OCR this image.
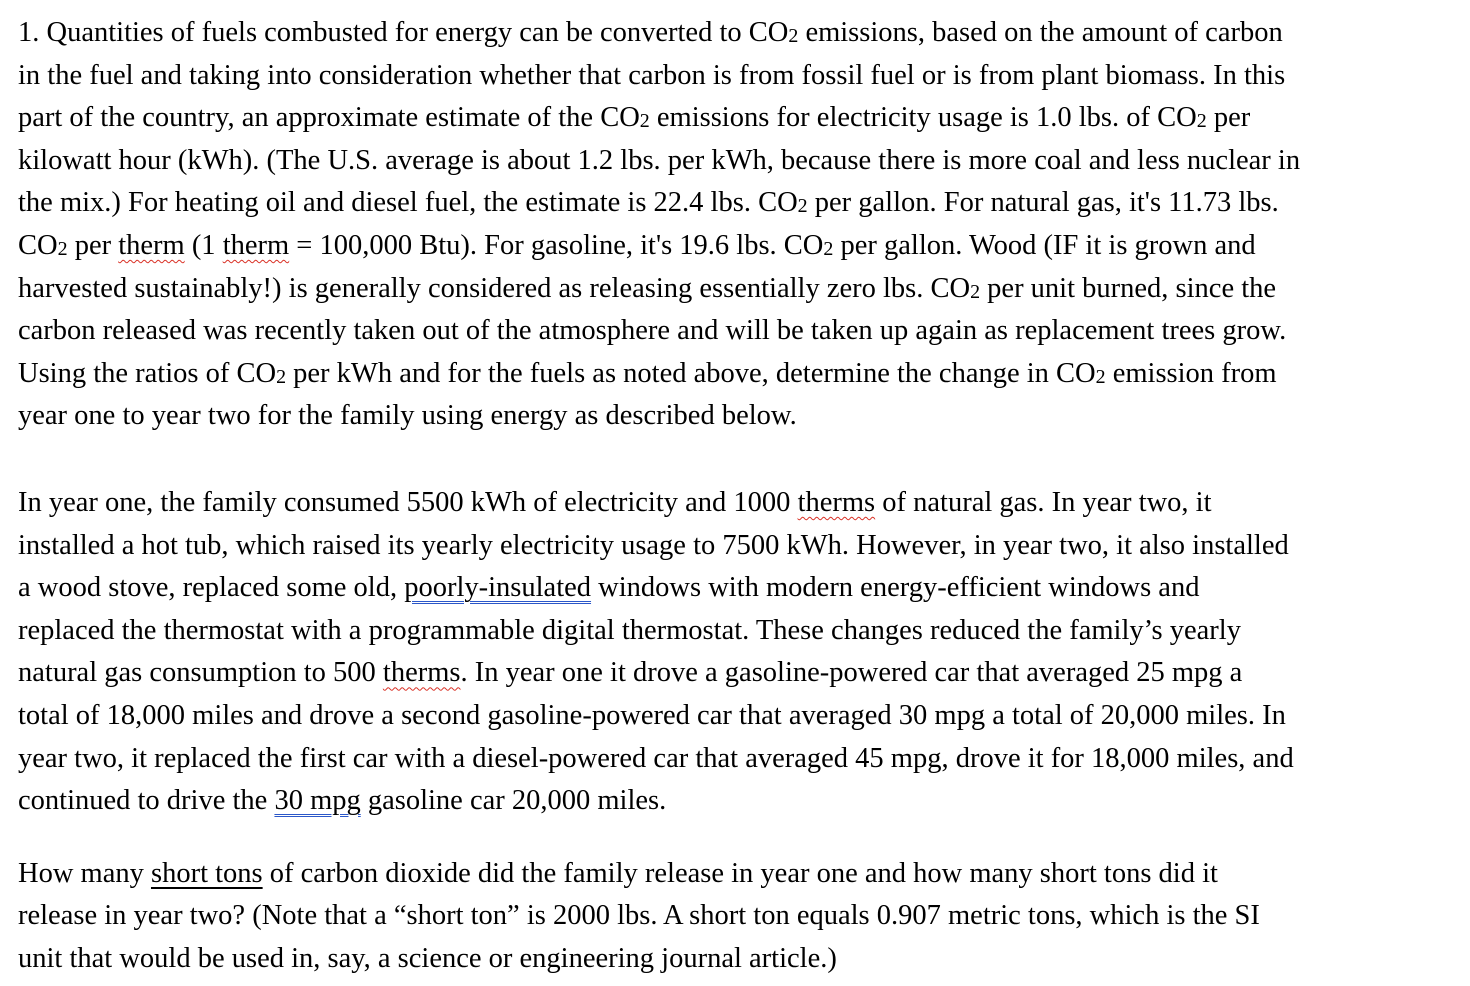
1. Quantities of fuels combusted for energy can be converted to $CO_2$ emissions, based on the amount of carbon
in the fuel and taking into consideration whether that carbon is from fossil fuel or is from plant biomass. In this
part of the country, an approximate estimate of the $CO_2$ emissions for electricity usage is 1.0 lbs. of $CO_2$ per
kilowatt hour (kWh). (The U.S. average is about 1.2 lbs. per kWh, because there is more coal and less nuclear in
the mix.) For heating oil and diesel fuel, the estimate is 22.4 lbs. $CO_2$ per gallon. For natural gas, it's 11.73 lbs.
$CO_2$ per therm (1 therm = 100,000 Btu). For gasoline, it's 19.6 lbs. $CO_2$ per gallon. Wood (IF it is grown and
harvested sustainably!) is generally considered as releasing essentially zero lbs. $CO_2$ per unit burned, since the
carbon released was recently taken out of the atmosphere and will be taken up again as replacement trees grow.
Using the ratios of $CO_2$ per kWh and for the fuels as noted above, determine the change in $CO_2$ emission from
year one to year two for the family using energy as described below.

In year one, the family consumed 5500 kWh of electricity and 1000 therms of natural gas. In year two, it
installed a hot tub, which raised its yearly electricity usage to 7500 kWh. However, in year two, it also installed
a wood stove, replaced some old, poorly-insulated windows with modern energy-efficient windows and
replaced the thermostat with a programmable digital thermostat. These changes reduced the family’s yearly
natural gas consumption to 500 therms. In year one it drove a gasoline-powered car that averaged 25 mpg a
total of 18,000 miles and drove a second gasoline-powered car that averaged 30 mpg a total of 20,000 miles. In
year two, it replaced the first car with a diesel-powered car that averaged 45 mpg, drove it for 18,000 miles, and
continued to drive the 30 mpg gasoline car 20,000 miles.

How many short tons of carbon dioxide did the family release in year one and how many short tons did it
release in year two? (Note that a “short ton” is 2000 lbs. A short ton equals 0.907 metric tons, which is the SI
unit that would be used in, say, a science or engineering journal article.)
